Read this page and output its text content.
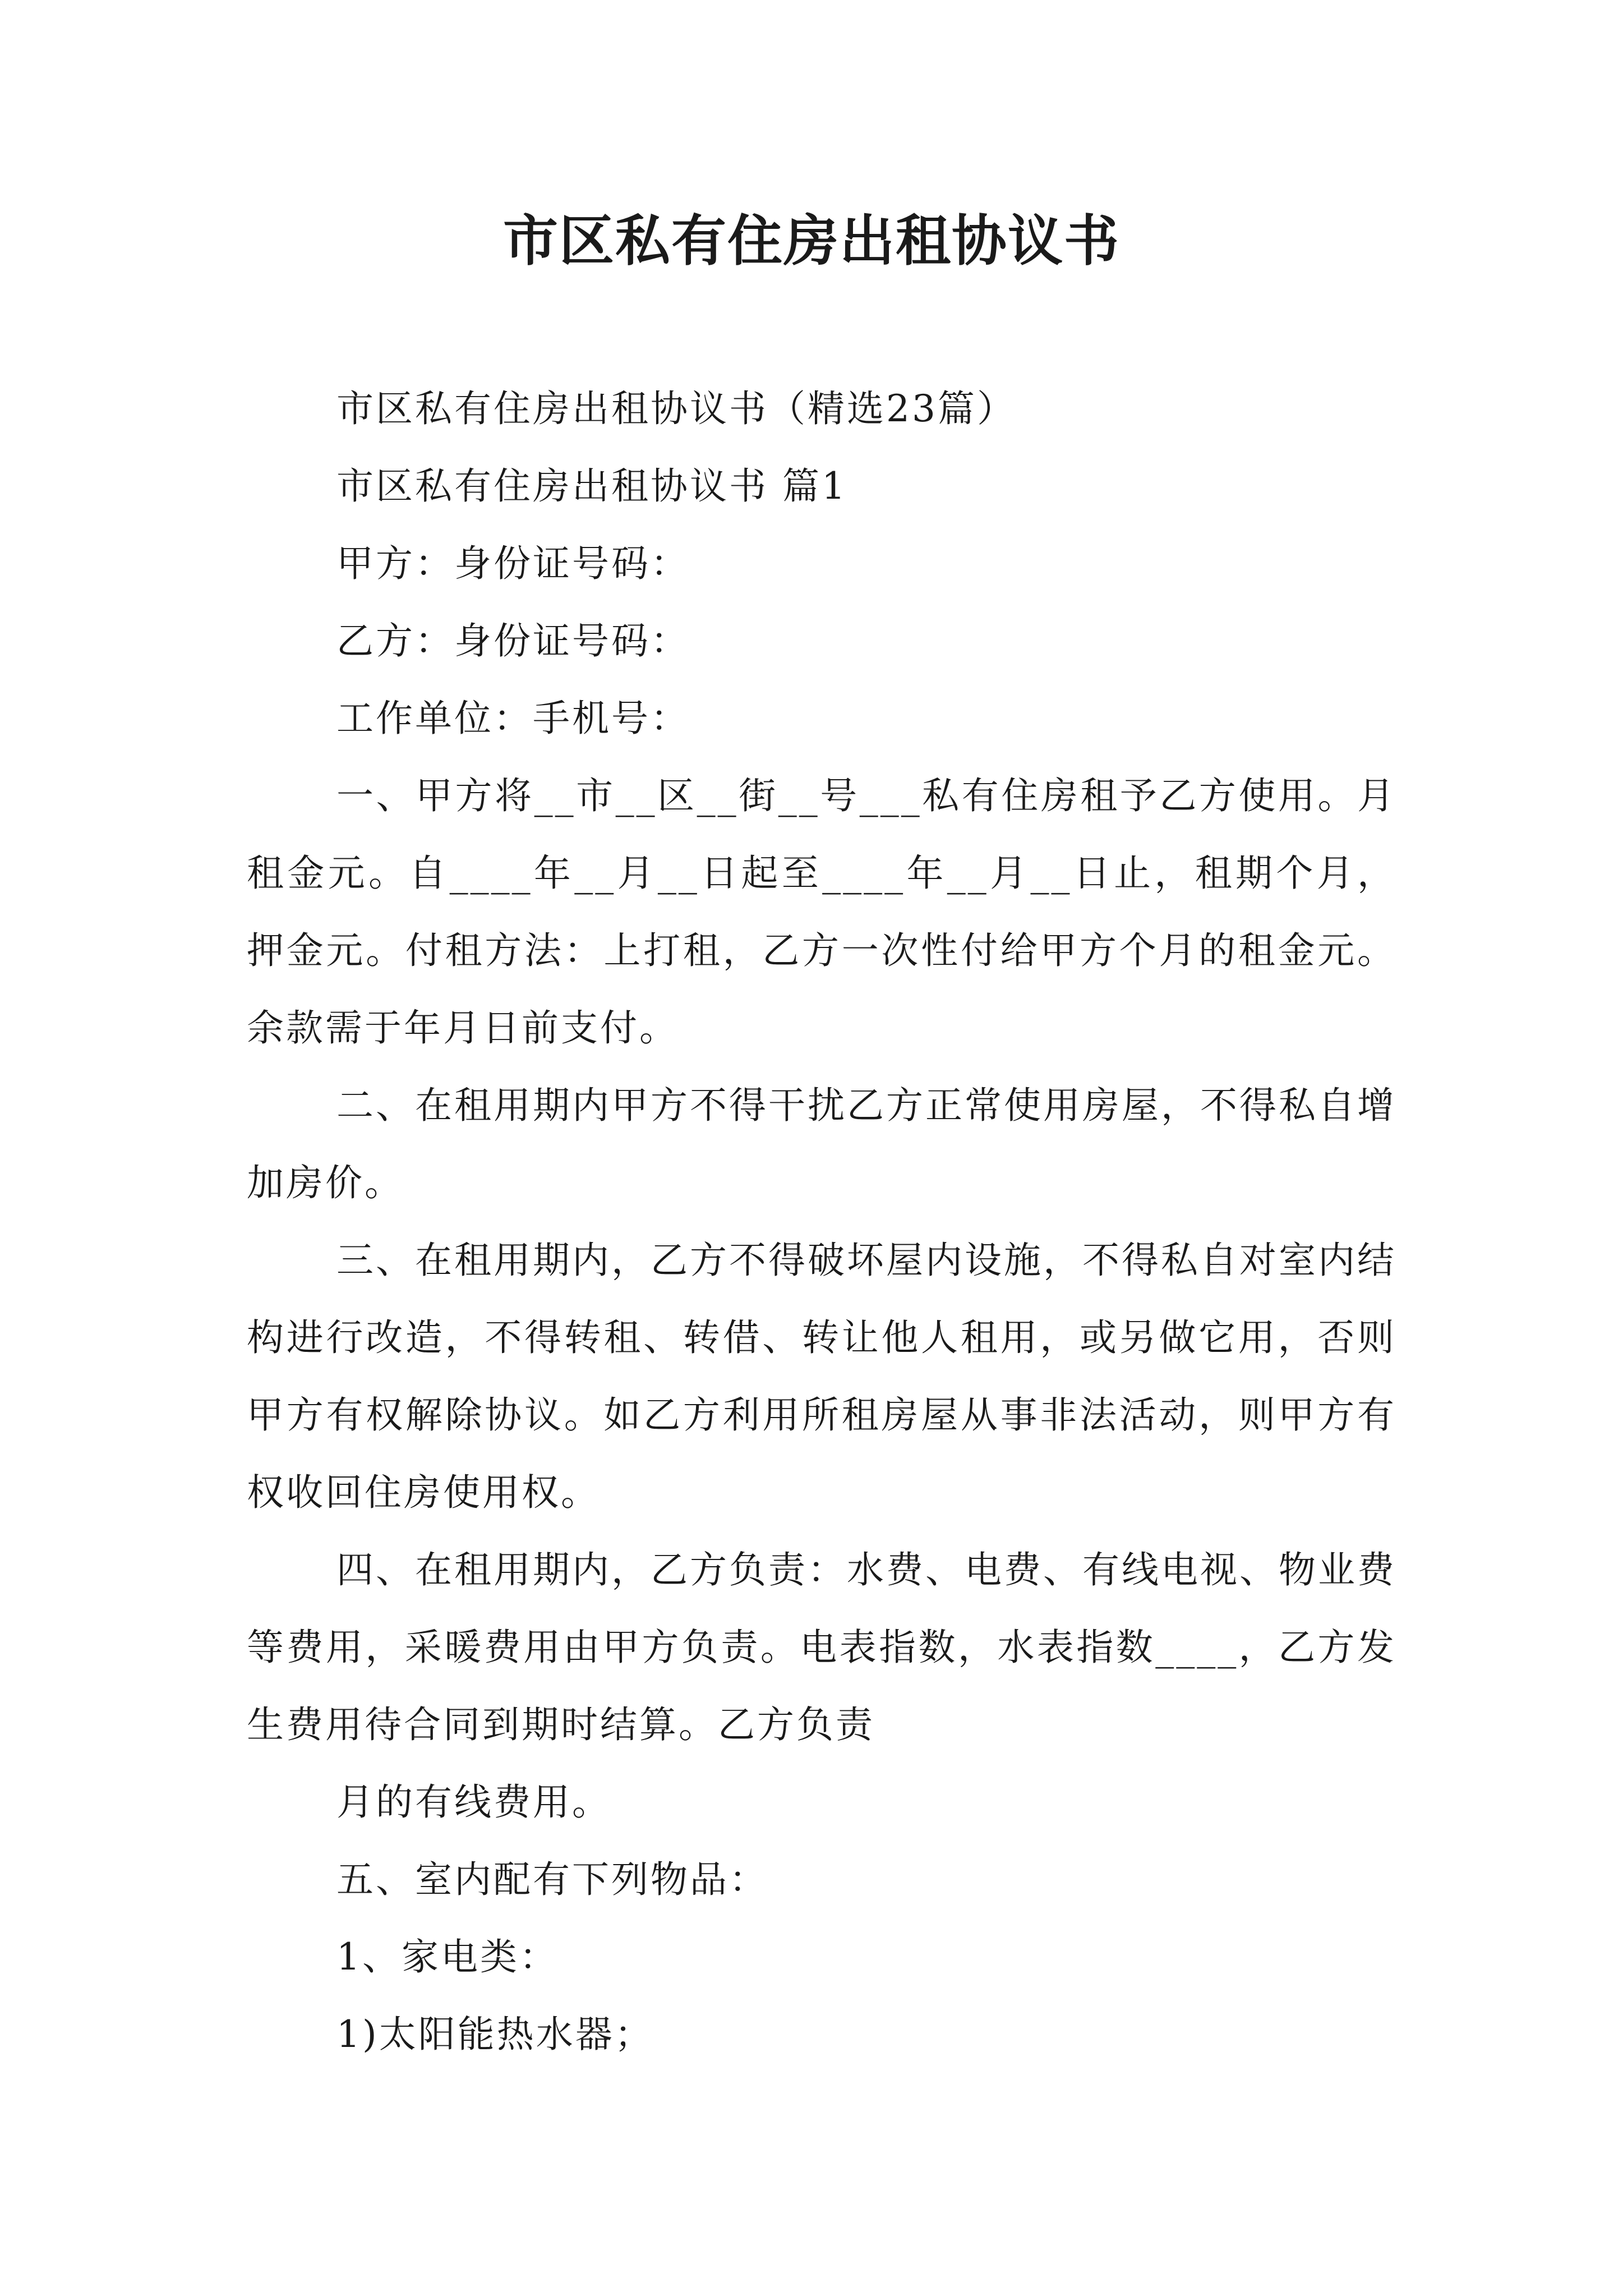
市区私有住房出租协议书

市区私有住房出租协议书（精选23篇）

市区私有住房出租协议书 篇1

甲方：身份证号码：

乙方：身份证号码：

工作单位：手机号：

一、甲方将__市__区__街__号___私有住房租予乙方使用。月租金元。自____年__月__日起至____年__月__日止，租期个月，押金元。付租方法：上打租，乙方一次性付给甲方个月的租金元。余款需于年月日前支付。

二、在租用期内甲方不得干扰乙方正常使用房屋，不得私自增加房价。

三、在租用期内，乙方不得破坏屋内设施，不得私自对室内结构进行改造，不得转租、转借、转让他人租用，或另做它用，否则甲方有权解除协议。如乙方利用所租房屋从事非法活动，则甲方有权收回住房使用权。

四、在租用期内，乙方负责：水费、电费、有线电视、物业费等费用，采暖费用由甲方负责。电表指数，水表指数____，乙方发生费用待合同到期时结算。乙方负责

月的有线费用。

五、室内配有下列物品：

1、家电类：

1)太阳能热水器；
